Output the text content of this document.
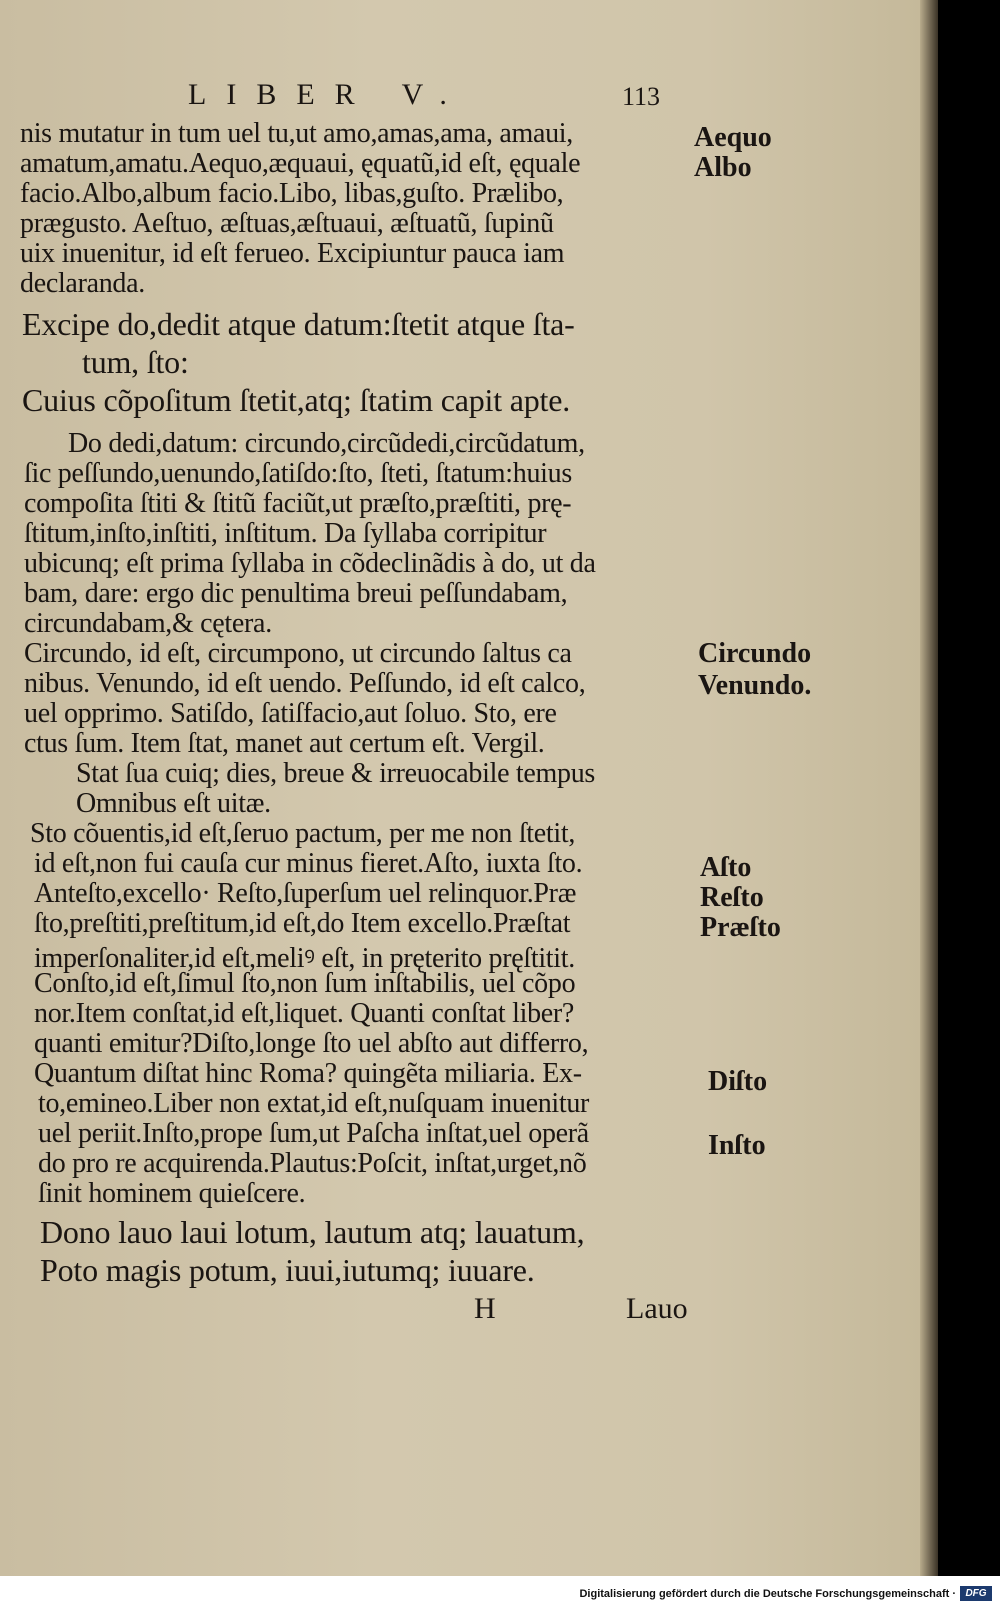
LIBER V.	113
nis mutatur in tum uel tu,ut amo,amas,ama, amaui,
amatum,amatu.Aequo,æquaui, ęquatũ,id eſt, ęquale
facio.Albo,album facio.Libo, libas,guſto. Prælibo,
prægusto. Aeſtuo, æſtuas,æſtuaui, æſtuatũ, ſupinũ
uix inuenitur, id eſt ferueo. Excipiuntur pauca iam
declaranda.
Excipe do,dedit atque datum:ſtetit atque ſta-
tum, ſto:
Cuius cõpoſitum ſtetit,atq; ſtatim capit apte.
Do dedi,datum: circundo,circũdedi,circũdatum,
ſic peſſundo,uenundo,ſatiſdo:ſto, ſteti, ſtatum:huius
compoſita ſtiti & ſtitũ faciũt,ut præſto,præſtiti, prę-
ſtitum,inſto,inſtiti, inſtitum. Da ſyllaba corripitur
ubicunq; eſt prima ſyllaba in cõdeclinãdis à do, ut da
bam, dare: ergo dic penultima breui peſſundabam,
circundabam,& cętera.
Circundo, id eſt, circumpono, ut circundo ſaltus ca
nibus. Venundo, id eſt uendo. Peſſundo, id eſt calco,
uel opprimo. Satiſdo, ſatiſfacio,aut ſoluo. Sto, ere
ctus ſum. Item ſtat, manet aut certum eſt. Vergil.
Stat ſua cuiq; dies, breue & irreuocabile tempus
Omnibus eſt uitæ.
Sto cõuentis,id eſt,ſeruo pactum, per me non ſtetit,
id eſt,non fui cauſa cur minus fieret.Aſto, iuxta ſto.
Anteſto,excello· Reſto,ſuperſum uel relinquor.Præ
ſto,preſtiti,preſtitum,id eſt,do Item excello.Præſtat
imperſonaliter,id eſt,meliꝰ eſt, in pręterito pręſtitit.
Conſto,id eſt,ſimul ſto,non ſum inſtabilis, uel cõpo
nor.Item conſtat,id eſt,liquet. Quanti conſtat liber?
quanti emitur?Diſto,longe ſto uel abſto aut differro,
Quantum diſtat hinc Roma? quingẽta miliaria. Ex-
to,emineo.Liber non extat,id eſt,nuſquam inuenitur
uel periit.Inſto,prope ſum,ut Paſcha inſtat,uel operã
do pro re acquirenda.Plautus:Poſcit, inſtat,urget,nõ
ſinit hominem quieſcere.
Dono lauo laui lotum, lautum atq; lauatum,
Poto magis potum, iuui,iutumq; iuuare.
H	Lauo
Aequo
Albo
Circundo
Venundo.
Aſto
Reſto
Præſto
Diſto
Inſto
Digitalisierung gefördert durch die Deutsche Forschungsgemeinschaft · DFG
